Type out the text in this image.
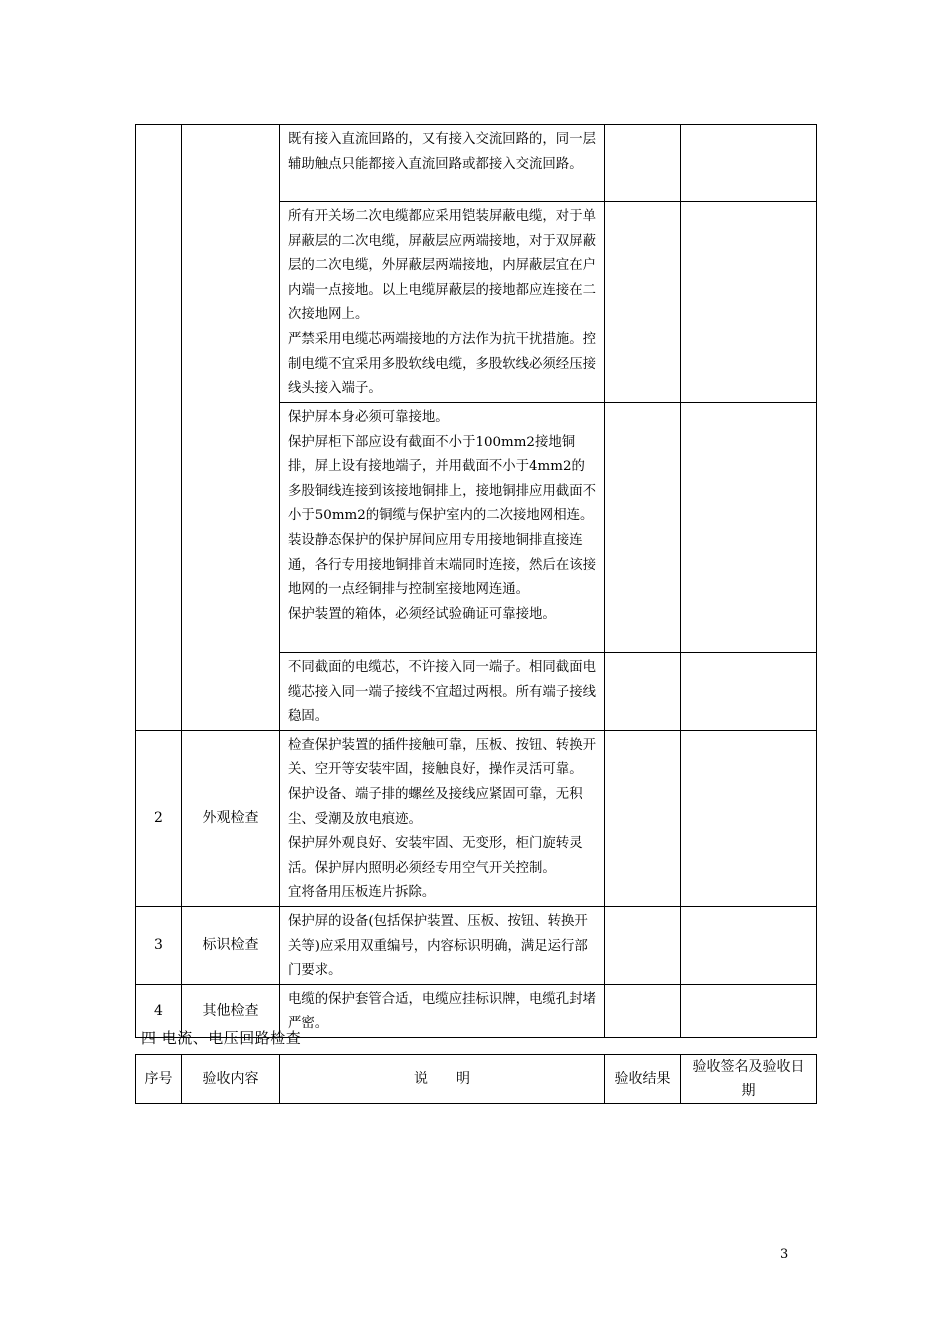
		既有接入直流回路的，又有接入交流回路的，同一层辅助触点只能都接入直流回路或都接入交流回路。		

		所有开关场二次电缆都应采用铠装屏蔽电缆，对于单屏蔽层的二次电缆，屏蔽层应两端接地，对于双屏蔽层的二次电缆，外屏蔽层两端接地，内屏蔽层宜在户内端一点接地。以上电缆屏蔽层的接地都应连接在二次接地网上。

严禁采用电缆芯两端接地的方法作为抗干扰措施。控制电缆不宜采用多股软线电缆，多股软线必须经压接线头接入端子。		

		保护屏本身必须可靠接地。

保护屏柜下部应设有截面不小于100mm2接地铜排，屏上设有接地端子，并用截面不小于4mm2的多股铜线连接到该接地铜排上，接地铜排应用截面不小于50mm2的铜缆与保护室内的二次接地网相连。装设静态保护的保护屏间应用专用接地铜排直接连通，各行专用接地铜排首末端同时连接，然后在该接地网的一点经铜排与控制室接地网连通。

保护装置的箱体，必须经试验确证可靠接地。		

		不同截面的电缆芯，不许接入同一端子。相同截面电缆芯接入同一端子接线不宜超过两根。所有端子接线稳固。		

2	外观检查	检查保护装置的插件接触可靠，压板、按钮、转换开关、空开等安装牢固，接触良好，操作灵活可靠。

保护设备、端子排的螺丝及接线应紧固可靠，无积尘、受潮及放电痕迹。

保护屏外观良好、安装牢固、无变形，柜门旋转灵活。保护屏内照明必须经专用空气开关控制。

宜将备用压板连片拆除。		

3	标识检查	保护屏的设备(包括保护装置、压板、按钮、转换开关等)应采用双重编号，内容标识明确，满足运行部门要求。		

4	其他检查	电缆的保护套管合适，电缆应挂标识牌，电缆孔封堵严密。		

四 电流、电压回路检查
序号	验收内容	说　　明	验收结果	验收签名及验收日期
3
